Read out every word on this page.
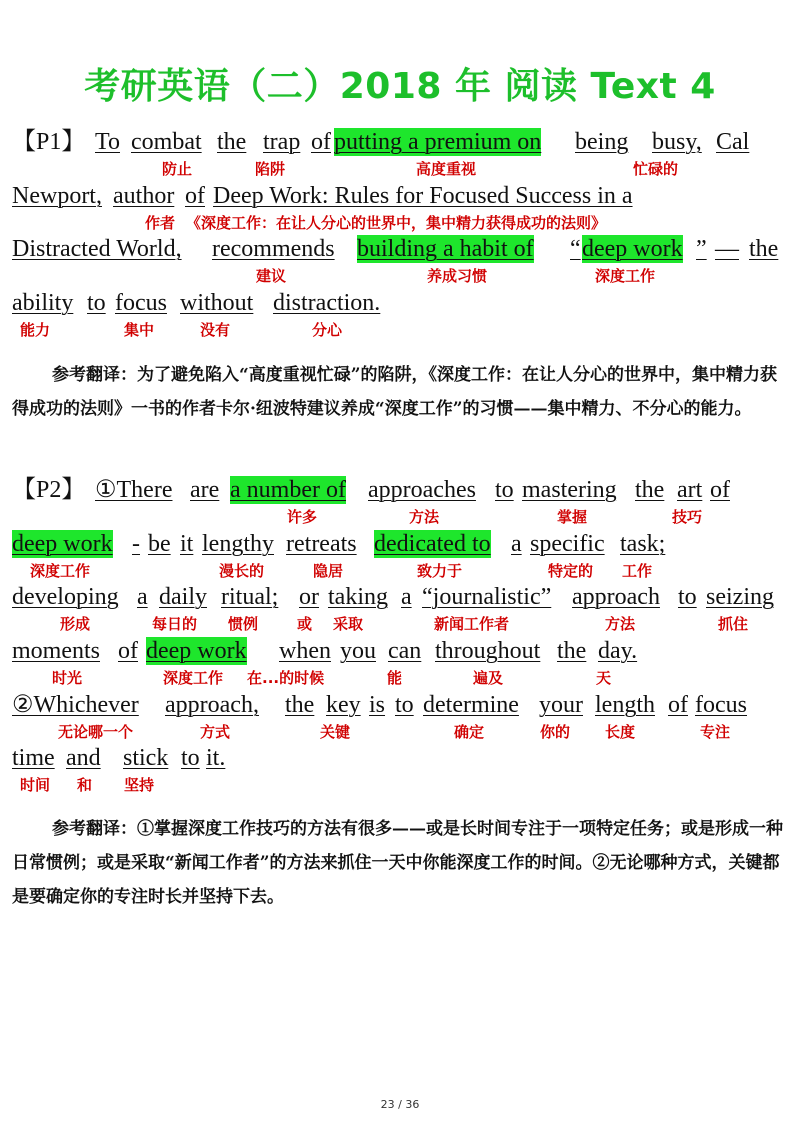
考研英语（二）2018 年 阅读 Text 4
【P1】 To combat the trap of putting a premium on being busy, Cal
防止	陷阱	高度重视	忙碌的
Newport, author of Deep Work: Rules for Focused Success in a
作者 《深度工作：在让人分心的世界中，集中精力获得成功的法则》
Distracted World, recommends building a habit of “ deep work ” — the
建议	养成习惯	深度工作
ability to focus without distraction.
能力	集中	没有	分心

参考翻译：为了避免陷入“高度重视忙碌”的陷阱，《深度工作：在让人分心的世界中，集中精力获得成功的法则》一书的作者卡尔·纽波特建议养成“深度工作”的习惯——集中精力、不分心的能力。

【P2】 ①There are a number of approaches to mastering the art of
许多	方法	掌握	技巧
deep work - be it lengthy retreats dedicated to a specific task;
深度工作	漫长的	隐居	致力于	特定的 工作
developing a daily ritual; or taking a “journalistic” approach to seizing
形成	每日的 惯例	或 采取	新闻工作者	方法	抓住
moments of deep work when you can throughout the day.
时光	深度工作 在...的时候	能	遍及	天
②Whichever approach, the key is to determine your length of focus
无论哪一个	方式	关键	确定	你的 长度	专注
time and stick to it.
时间 和 坚持

参考翻译：①掌握深度工作技巧的方法有很多——或是长时间专注于一项特定任务；或是形成一种日常惯例；或是采取“新闻工作者”的方法来抓住一天中你能深度工作的时间。②无论哪种方式，关键都是要确定你的专注时长并坚持下去。

23 / 36
